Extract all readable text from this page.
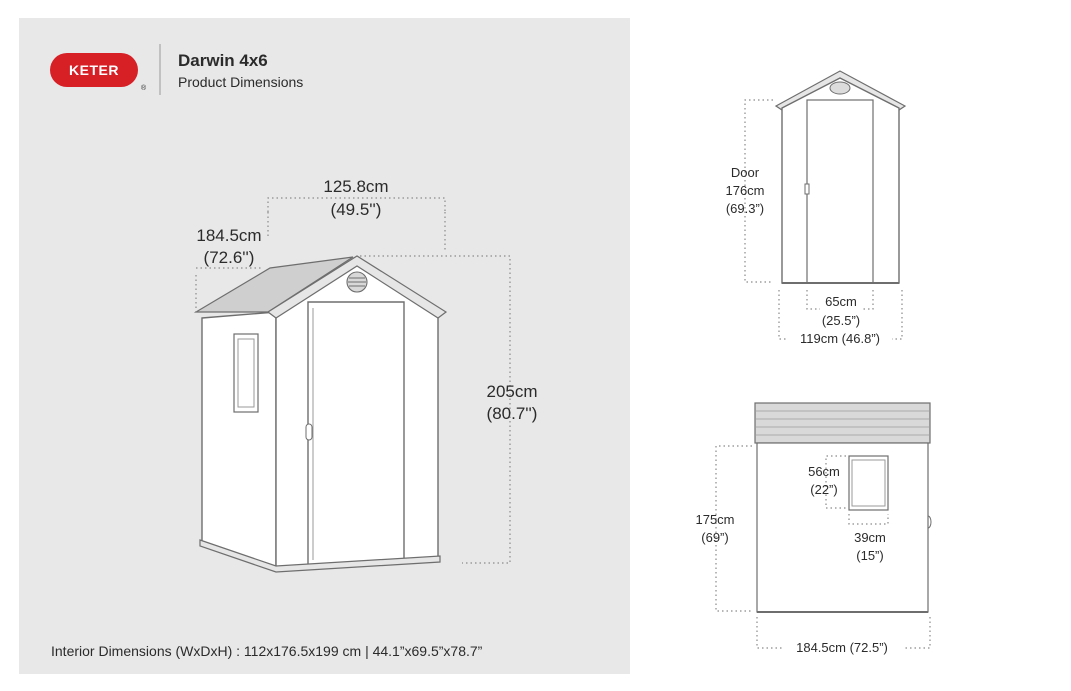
KETER
®
Darwin 4x6
Product Dimensions
125.8cm
(49.5'')
184.5cm
(72.6'')
205cm
(80.7'')
Interior Dimensions (WxDxH) : 112x176.5x199 cm | 44.1”x69.5”x78.7”
Door
176cm
(69.3”)
65cm
(25.5”)
119cm (46.8”)
175cm
(69”)
56cm
(22”)
39cm
(15”)
184.5cm (72.5”)
